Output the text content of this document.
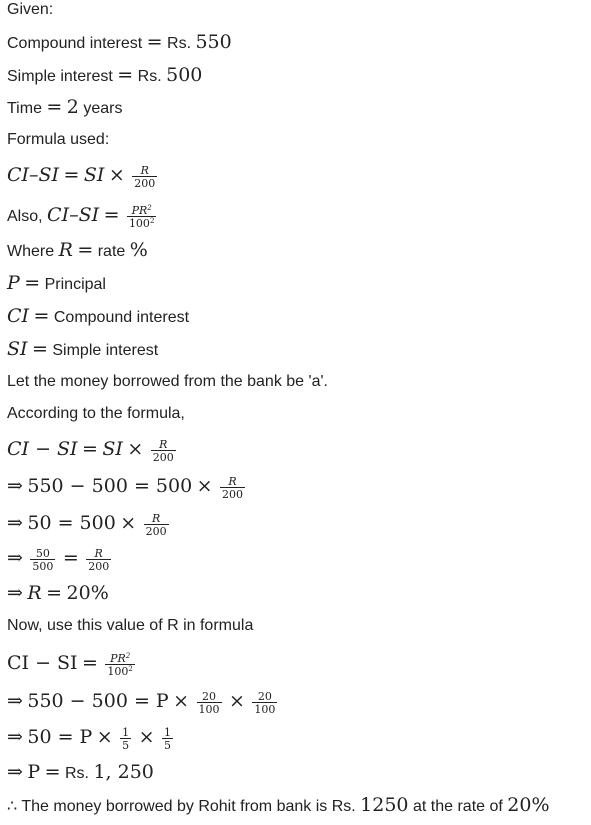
Given:
Compound interest = Rs. 550
Simple interest = Rs. 500
Time = 2 years
Formula used:
CI–SI = SI × $\frac{R}{200}$
Also, $CI-SI = \frac{PR^2}{100^2}$
Where R = rate %
P = Principal
CI = Compound interest
SI = Simple interest
Let the money borrowed from the bank be 'a'.
According to the formula,
CI − SI = SI × $\frac{R}{200}$
⇒ $550 - 500 = 500 \times \frac{R}{200}$
⇒ $50 = 500 \times \frac{R}{200}$
⇒ $\frac{50}{500} = \frac{R}{200}$
⇒ R = 20%
Now, use this value of R in formula
CI − SI = $\frac{PR^2}{100^2}$
⇒ $550 - 500 = P \times \frac{20}{100} \times \frac{20}{100}$
⇒ $50 = P \times \frac{1}{5} \times \frac{1}{5}$
⇒ P = Rs. 1, 250
∴ The money borrowed by Rohit from bank is Rs. 1250 at the rate of 20%
